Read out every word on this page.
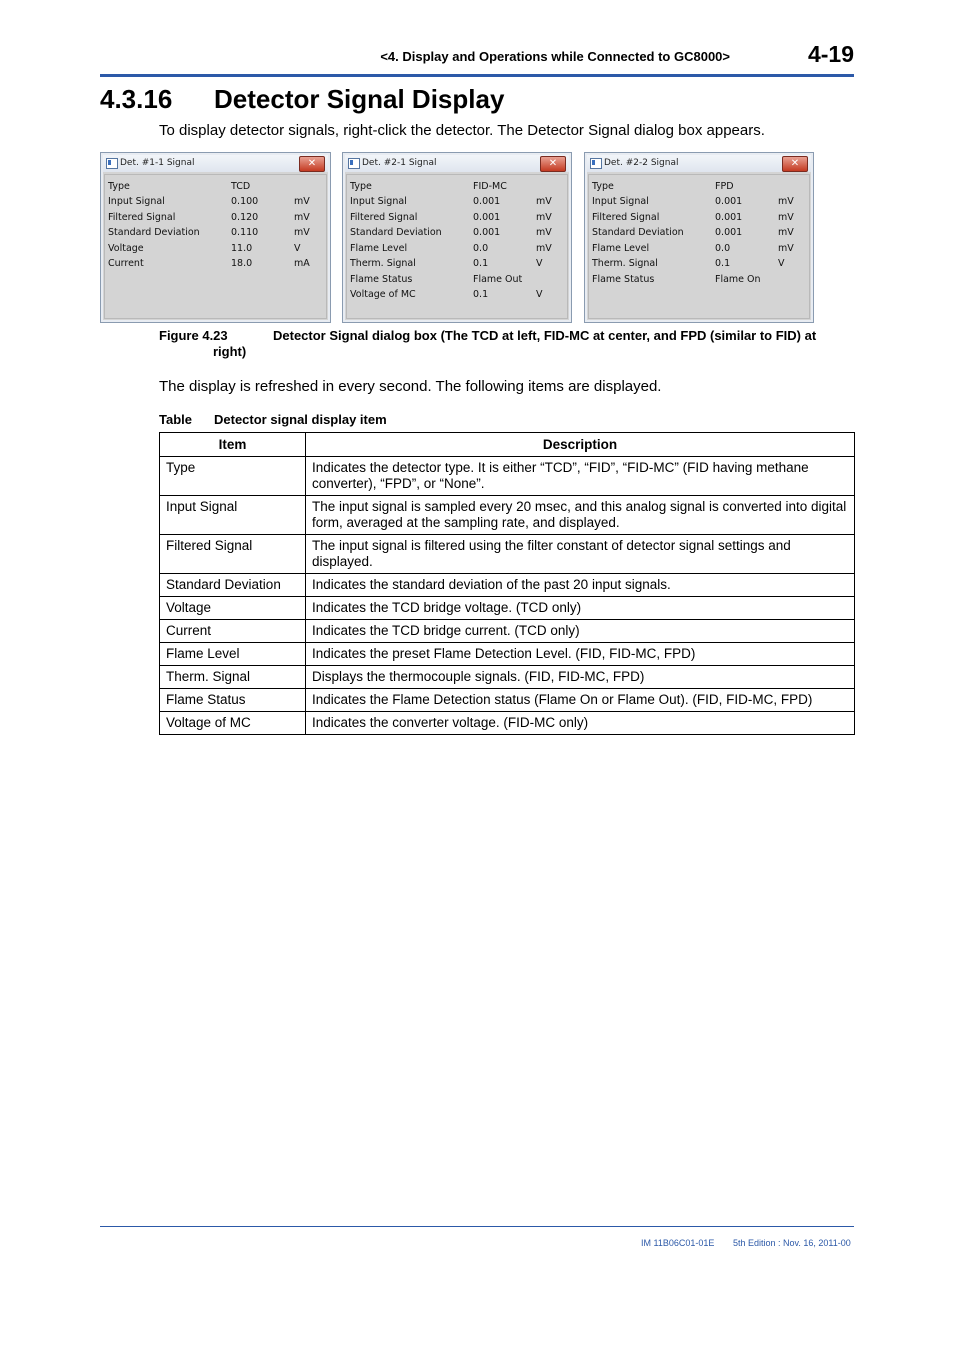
<4. Display and Operations while Connected to GC8000>	4-19
4.3.16 Detector Signal Display
To display detector signals, right-click the detector. The Detector Signal dialog box appears.
Det. #1-1 Signal	✕
Type	TCD
Input Signal	0.100	mV
Filtered Signal	0.120	mV
Standard Deviation	0.110	mV
Voltage	11.0	V
Current	18.0	mA
Det. #2-1 Signal	✕
Type	FID-MC
Input Signal	0.001	mV
Filtered Signal	0.001	mV
Standard Deviation	0.001	mV
Flame Level	0.0	mV
Therm. Signal	0.1	V
Flame Status	Flame Out
Voltage of MC	0.1	V
Det. #2-2 Signal	✕
Type	FPD
Input Signal	0.001	mV
Filtered Signal	0.001	mV
Standard Deviation	0.001	mV
Flame Level	0.0	mV
Therm. Signal	0.1	V
Flame Status	Flame On
Figure 4.23	Detector Signal dialog box (The TCD at left, FID-MC at center, and FPD (similar to FID) at
right)
The display is refreshed in every second. The following items are displayed.
Table Detector signal display item
Item	Description
Type	Indicates the detector type. It is either “TCD”, “FID”, “FID-MC” (FID having methane converter), “FPD”, or “None”.
Input Signal	The input signal is sampled every 20 msec, and this analog signal is converted into digital form, averaged at the sampling rate, and displayed.
Filtered Signal	The input signal is filtered using the filter constant of detector signal settings and displayed.
Standard Deviation	Indicates the standard deviation of the past 20 input signals.
Voltage	Indicates the TCD bridge voltage. (TCD only)
Current	Indicates the TCD bridge current. (TCD only)
Flame Level	Indicates the preset Flame Detection Level. (FID, FID-MC, FPD)
Therm. Signal	Displays the thermocouple signals. (FID, FID-MC, FPD)
Flame Status	Indicates the Flame Detection status (Flame On or Flame Out). (FID, FID-MC, FPD)
Voltage of MC	Indicates the converter voltage. (FID-MC only)
IM 11B06C01-01E 5th Edition : Nov. 16, 2011-00
